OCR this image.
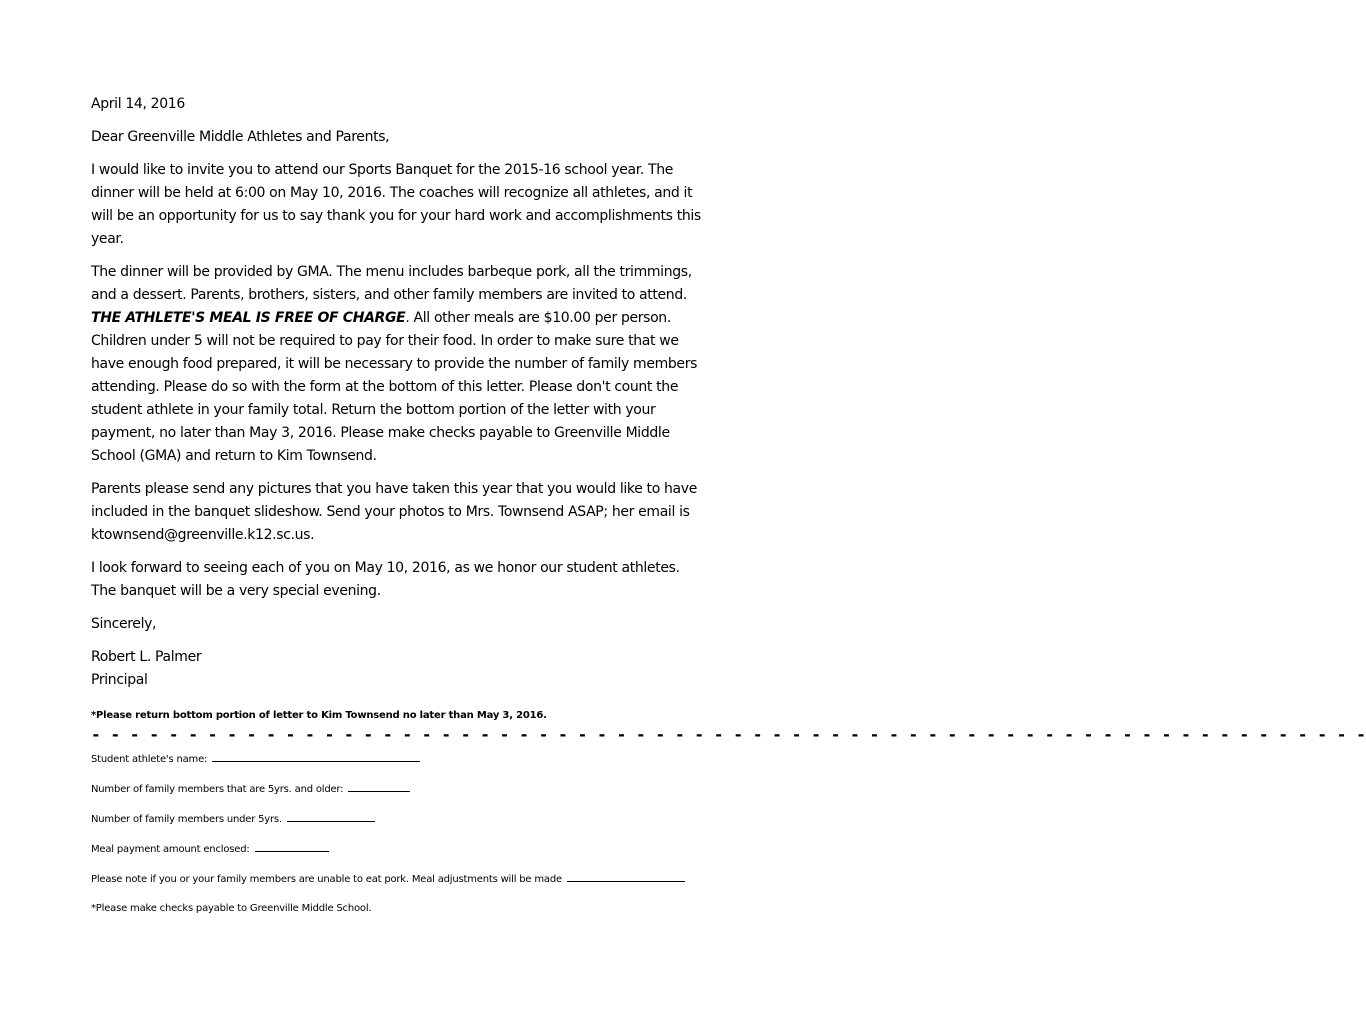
April 14, 2016
Dear Greenville Middle Athletes and Parents,
I would like to invite you to attend our Sports Banquet for the 2015-16 school year. The
dinner will be held at 6:00 on May 10, 2016. The coaches will recognize all athletes, and it
will be an opportunity for us to say thank you for your hard work and accomplishments this
year.
The dinner will be provided by GMA. The menu includes barbeque pork, all the trimmings,
and a dessert. Parents, brothers, sisters, and other family members are invited to attend.
THE ATHLETE'S MEAL IS FREE OF CHARGE. All other meals are $10.00 per person.
Children under 5 will not be required to pay for their food. In order to make sure that we
have enough food prepared, it will be necessary to provide the number of family members
attending. Please do so with the form at the bottom of this letter. Please don't count the
student athlete in your family total. Return the bottom portion of the letter with your
payment, no later than May 3, 2016. Please make checks payable to Greenville Middle
School (GMA) and return to Kim Townsend.
Parents please send any pictures that you have taken this year that you would like to have
included in the banquet slideshow. Send your photos to Mrs. Townsend ASAP; her email is
ktownsend@greenville.k12.sc.us.
I look forward to seeing each of you on May 10, 2016, as we honor our student athletes.
The banquet will be a very special evening.
Sincerely,
Robert L. Palmer
Principal
*Please return bottom portion of letter to Kim Townsend no later than May 3, 2016.
- - - - - - - - - - - - - - - - - - - - - - - - - - - - - - - - - - - - - - - - - - - - - - - - - - - - - - - - - - - - - - - - - -
Student athlete's name:
Number of family members that are 5yrs. and older:
Number of family members under 5yrs.
Meal payment amount enclosed:
Please note if you or your family members are unable to eat pork. Meal adjustments will be made
*Please make checks payable to Greenville Middle School.
